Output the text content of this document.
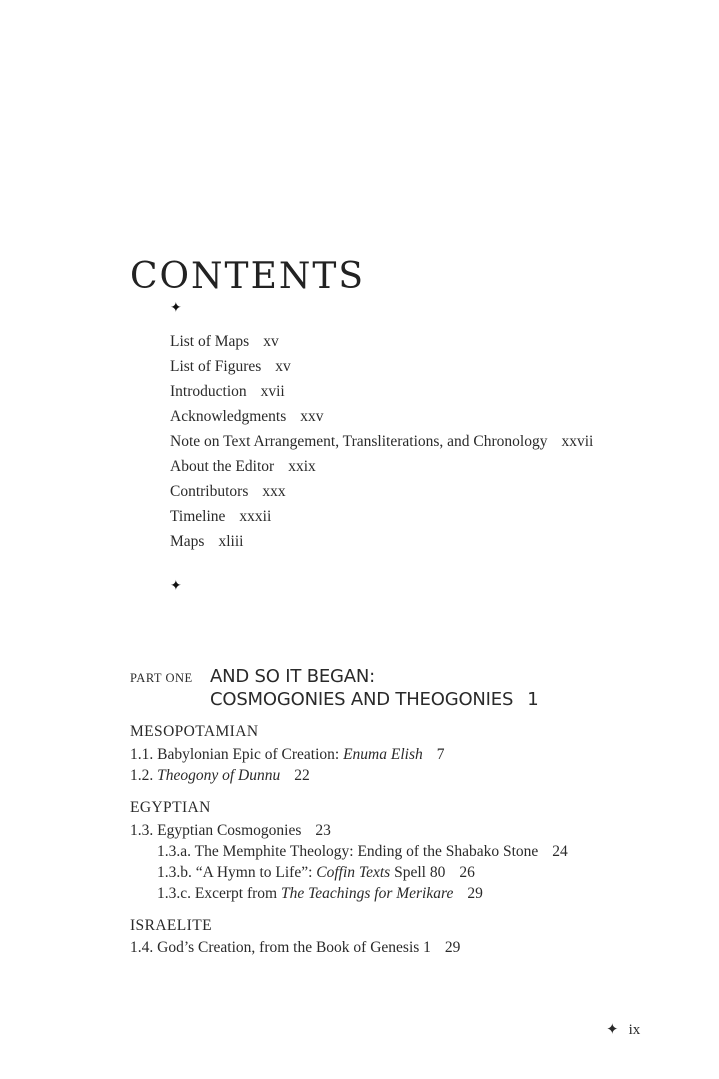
CONTENTS
✦
List of Maps xv
List of Figures xv
Introduction xvii
Acknowledgments xxv
Note on Text Arrangement, Transliterations, and Chronology xxvii
About the Editor xxix
Contributors xxx
Timeline xxxii
Maps xliii
✦
PART ONE AND SO IT BEGAN:
COSMOGONIES AND THEOGONIES 1
MESOPOTAMIAN
1.1. Babylonian Epic of Creation: Enuma Elish 7
1.2. Theogony of Dunnu 22
EGYPTIAN
1.3. Egyptian Cosmogonies 23
1.3.a. The Memphite Theology: Ending of the Shabako Stone 24
1.3.b. “A Hymn to Life”: Coffin Texts Spell 80 26
1.3.c. Excerpt from The Teachings for Merikare 29
ISRAELITE
1.4. God’s Creation, from the Book of Genesis 1 29
✦ ix
